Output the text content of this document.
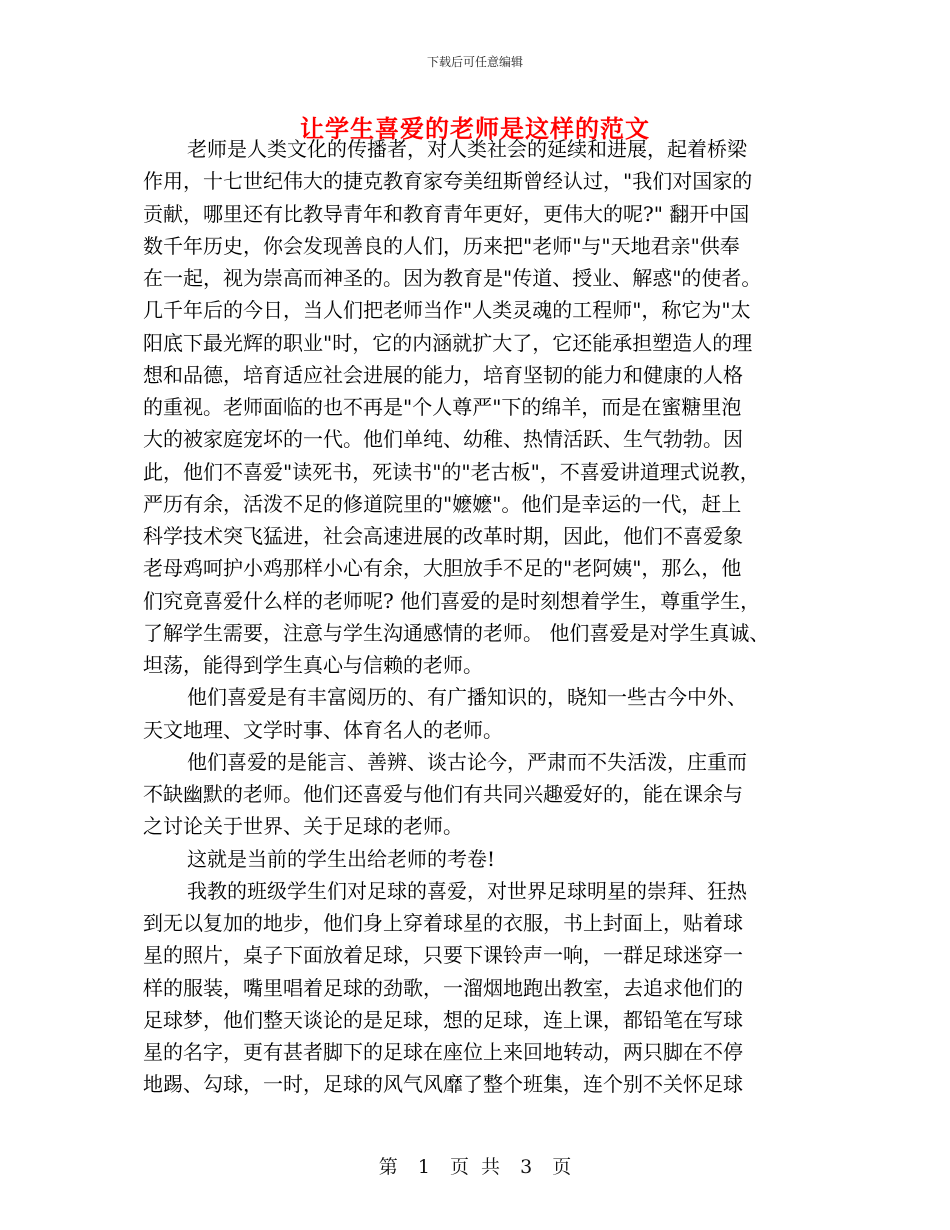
下载后可任意编辑
让学生喜爱的老师是这样的范文

老师是人类文化的传播者，对人类社会的延续和进展，起着桥梁
作用，十七世纪伟大的捷克教育家夸美纽斯曾经认过，"我们对国家的
贡献，哪里还有比教导青年和教育青年更好，更伟大的呢?" 翻开中国
数千年历史，你会发现善良的人们，历来把"老师"与"天地君亲"供奉
在一起，视为崇高而神圣的。因为教育是"传道、授业、解惑"的使者。
几千年后的今日，当人们把老师当作"人类灵魂的工程师"，称它为"太
阳底下最光辉的职业"时，它的内涵就扩大了，它还能承担塑造人的理
想和品德，培育适应社会进展的能力，培育坚韧的能力和健康的人格
的重视。老师面临的也不再是"个人尊严"下的绵羊，而是在蜜糖里泡
大的被家庭宠坏的一代。他们单纯、幼稚、热情活跃、生气勃勃。因
此，他们不喜爱"读死书，死读书"的"老古板"，不喜爱讲道理式说教，
严历有余，活泼不足的修道院里的"嬷嬷"。他们是幸运的一代，赶上
科学技术突飞猛进，社会高速进展的改革时期，因此，他们不喜爱象
老母鸡呵护小鸡那样小心有余，大胆放手不足的"老阿姨"，那么，他
们究竟喜爱什么样的老师呢? 他们喜爱的是时刻想着学生，尊重学生，
了解学生需要，注意与学生沟通感情的老师。 他们喜爱是对学生真诚、
坦荡，能得到学生真心与信赖的老师。

他们喜爱是有丰富阅历的、有广播知识的，晓知一些古今中外、
天文地理、文学时事、体育名人的老师。

他们喜爱的是能言、善辨、谈古论今，严肃而不失活泼，庄重而
不缺幽默的老师。他们还喜爱与他们有共同兴趣爱好的，能在课余与
之讨论关于世界、关于足球的老师。

这就是当前的学生出给老师的考卷!

我教的班级学生们对足球的喜爱，对世界足球明星的崇拜、狂热
到无以复加的地步，他们身上穿着球星的衣服，书上封面上，贴着球
星的照片，桌子下面放着足球，只要下课铃声一响，一群足球迷穿一
样的服装，嘴里唱着足球的劲歌，一溜烟地跑出教室，去追求他们的
足球梦，他们整天谈论的是足球，想的足球，连上课，都铅笔在写球
星的名字，更有甚者脚下的足球在座位上来回地转动，两只脚在不停
地踢、勾球，一时，足球的风气风靡了整个班集，连个别不关怀足球

第 1 页 共 3 页
